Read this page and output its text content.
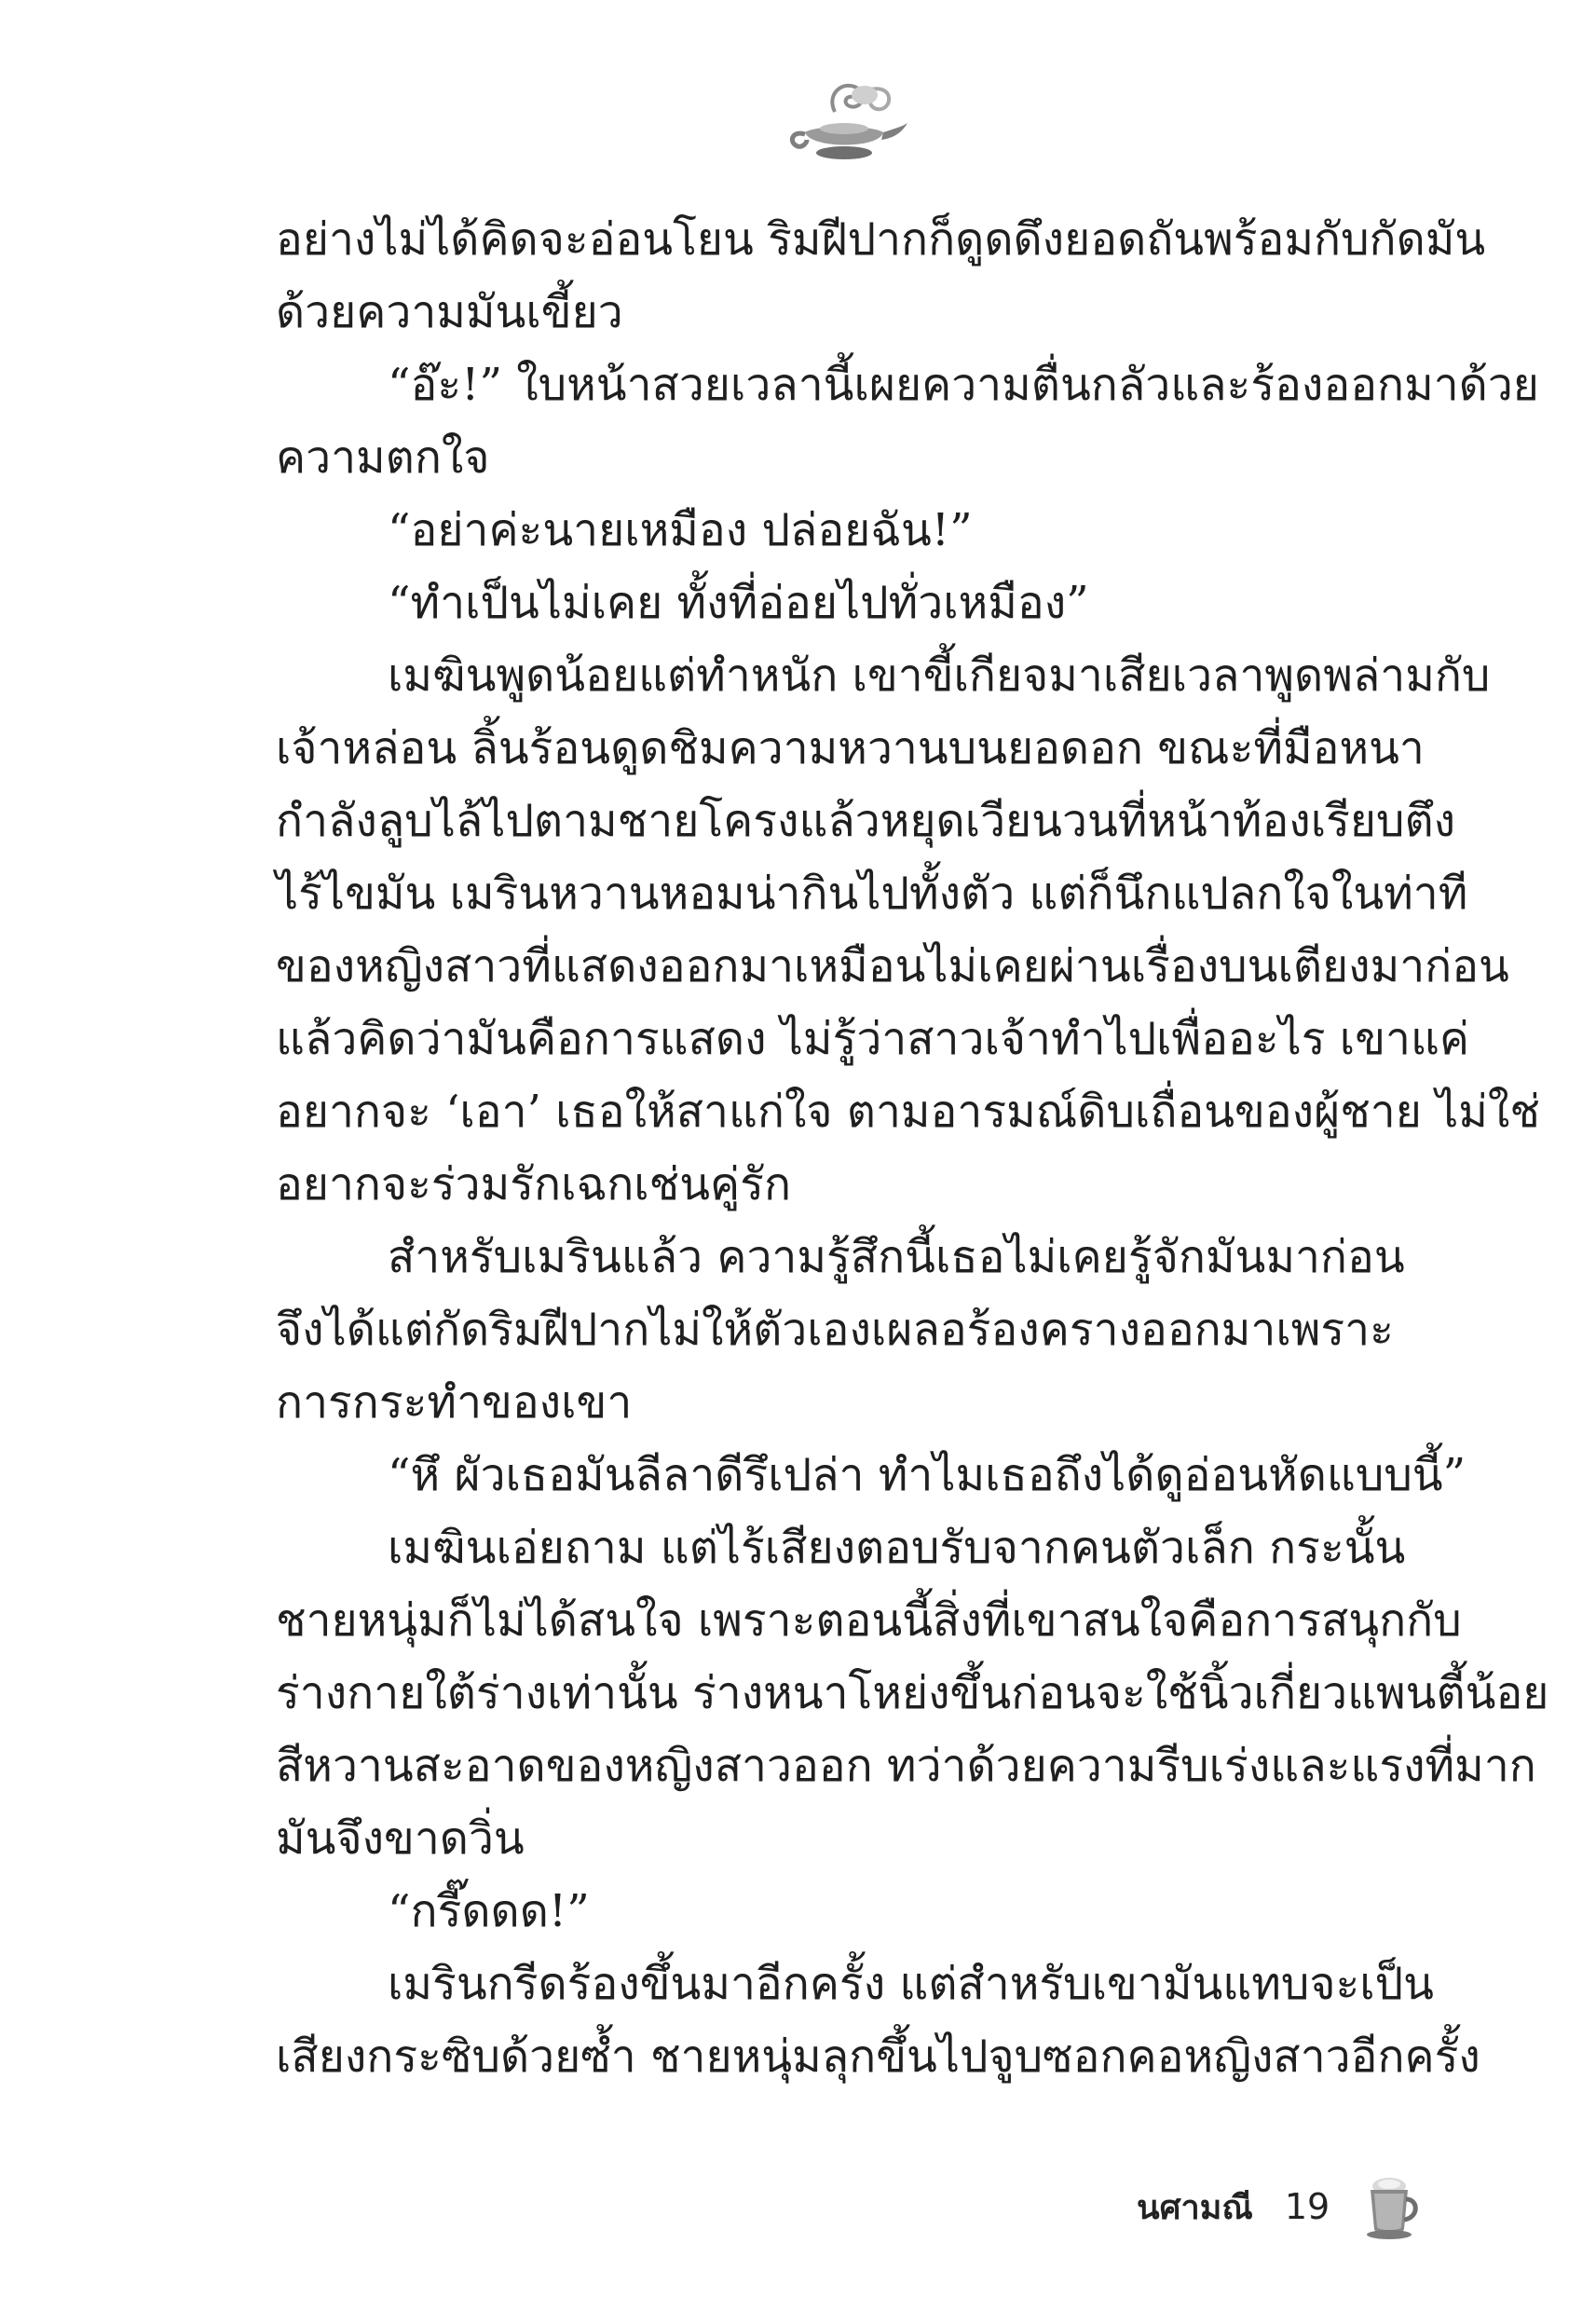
อย่างไม่ได้คิดจะอ่อนโยน ริมฝีปากก็ดูดดึงยอดถันพร้อมกับกัดมัน
ด้วยความมันเขี้ยว
“อ๊ะ!” ใบหน้าสวยเวลานี้เผยความตื่นกลัวและร้องออกมาด้วย
ความตกใจ
“อย่าค่ะนายเหมือง ปล่อยฉัน!”
“ทำเป็นไม่เคย ทั้งที่อ่อยไปทั่วเหมือง”
เมฆินพูดน้อยแต่ทำหนัก เขาขี้เกียจมาเสียเวลาพูดพล่ามกับ
เจ้าหล่อน ลิ้นร้อนดูดชิมความหวานบนยอดอก ขณะที่มือหนา
กำลังลูบไล้ไปตามชายโครงแล้วหยุดเวียนวนที่หน้าท้องเรียบตึง
ไร้ไขมัน เมรินหวานหอมน่ากินไปทั้งตัว แต่ก็นึกแปลกใจในท่าที
ของหญิงสาวที่แสดงออกมาเหมือนไม่เคยผ่านเรื่องบนเตียงมาก่อน
แล้วคิดว่ามันคือการแสดง ไม่รู้ว่าสาวเจ้าทำไปเพื่ออะไร เขาแค่
อยากจะ ‘เอา’ เธอให้สาแก่ใจ ตามอารมณ์ดิบเถื่อนของผู้ชาย ไม่ใช่
อยากจะร่วมรักเฉกเช่นคู่รัก
สำหรับเมรินแล้ว ความรู้สึกนี้เธอไม่เคยรู้จักมันมาก่อน
จึงได้แต่กัดริมฝีปากไม่ให้ตัวเองเผลอร้องครางออกมาเพราะ
การกระทำของเขา
“หึ ผัวเธอมันลีลาดีรึเปล่า ทำไมเธอถึงได้ดูอ่อนหัดแบบนี้”
เมฆินเอ่ยถาม แต่ไร้เสียงตอบรับจากคนตัวเล็ก กระนั้น
ชายหนุ่มก็ไม่ได้สนใจ เพราะตอนนี้สิ่งที่เขาสนใจคือการสนุกกับ
ร่างกายใต้ร่างเท่านั้น ร่างหนาโหย่งขึ้นก่อนจะใช้นิ้วเกี่ยวแพนตี้น้อย
สีหวานสะอาดของหญิงสาวออก ทว่าด้วยความรีบเร่งและแรงที่มาก
มันจึงขาดวิ่น
“กรี๊ดดด!”
เมรินกรีดร้องขึ้นมาอีกครั้ง แต่สำหรับเขามันแทบจะเป็น
เสียงกระซิบด้วยซ้ำ ชายหนุ่มลุกขึ้นไปจูบซอกคอหญิงสาวอีกครั้ง
นศามณี 19
